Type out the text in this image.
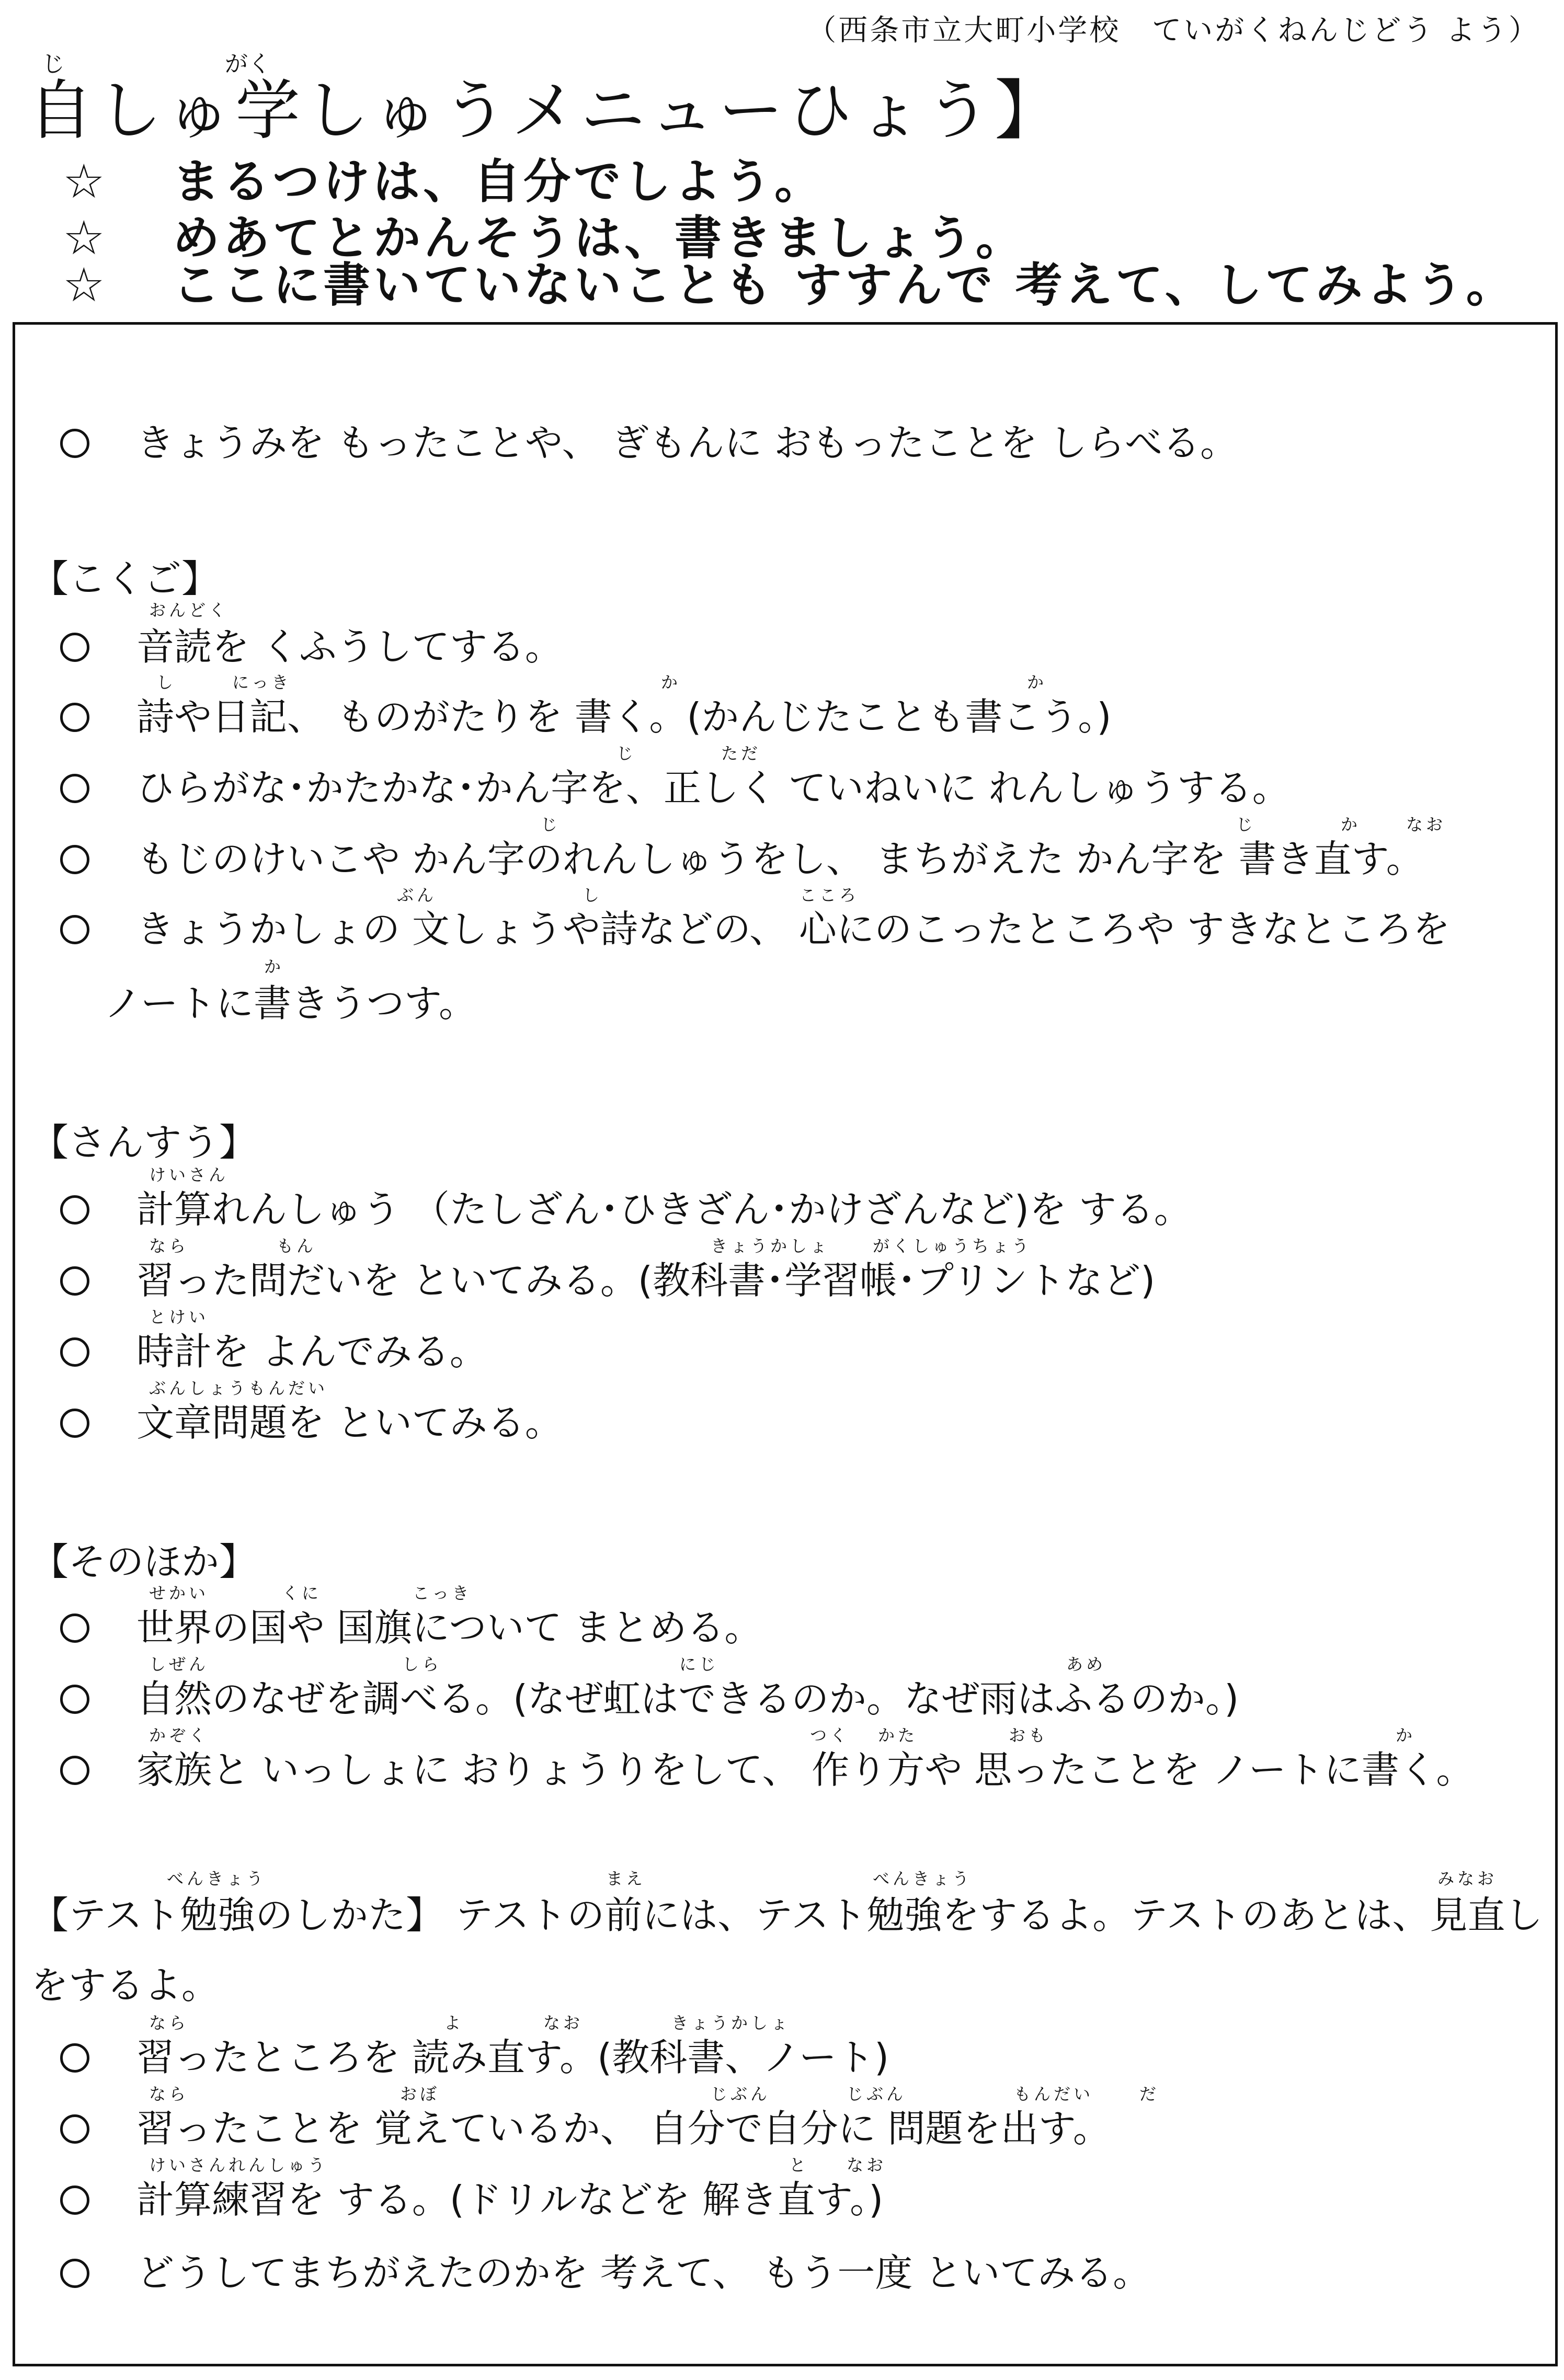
（西条市立大町小学校　ていがくねんじどう よう）
じ	がく
自しゅ学しゅうメニューひょう】
☆ まるつけは、自分でしよう。
☆ めあてとかんそうは、書きましょう。
☆ ここに書いていないことも すすんで 考えて、してみよう。
きょうみを もったことや、 ぎもんに おもったことを しらべる。
【こくご】
おんどく
音読を くふうしてする。
し	にっき	か	か
詩や日記、 ものがたりを 書く。(かんじたことも書こう。)
じ	ただ
ひらがな･かたかな･かん字を、正しく ていねいに れんしゅうする。
じ	じ	か	なお
もじのけいこや かん字のれんしゅうをし、 まちがえた かん字を 書き直す。
ぶん	し	こころ
きょうかしょの 文しょうや詩などの、 心にのこったところや すきなところを
か
ノートに書きうつす。
【さんすう】
けいさん
計算れんしゅう （たしざん･ひきざん･かけざんなど)を する。
なら	もん	きょうかしょ	がくしゅうちょう
習った問だいを といてみる。(教科書･学習帳･プリントなど)
とけい
時計を よんでみる。
ぶんしょうもんだい
文章問題を といてみる。
【そのほか】
せかい	くに	こっき
世界の国や 国旗について まとめる。
しぜん	しら	にじ	あめ
自然のなぜを調べる。(なぜ虹はできるのか。なぜ雨はふるのか。)
かぞく	つく かた	おも	か
家族と いっしょに おりょうりをして、 作り方や 思ったことを ノートに書く。
べんきょう	まえ	べんきょう	みなお
【テスト勉強のしかた】 テストの前には、テスト勉強をするよ。テストのあとは、見直し
をするよ。
なら	よ	なお	きょうかしょ
習ったところを 読み直す。(教科書、ノート)
なら	おぼ	じぶん	じぶん	もんだい	だ
習ったことを 覚えているか、 自分で自分に 問題を出す。
けいさんれんしゅう	と なお
計算練習を する。(ドリルなどを 解き直す。)
どうしてまちがえたのかを 考えて、 もう一度 といてみる。
